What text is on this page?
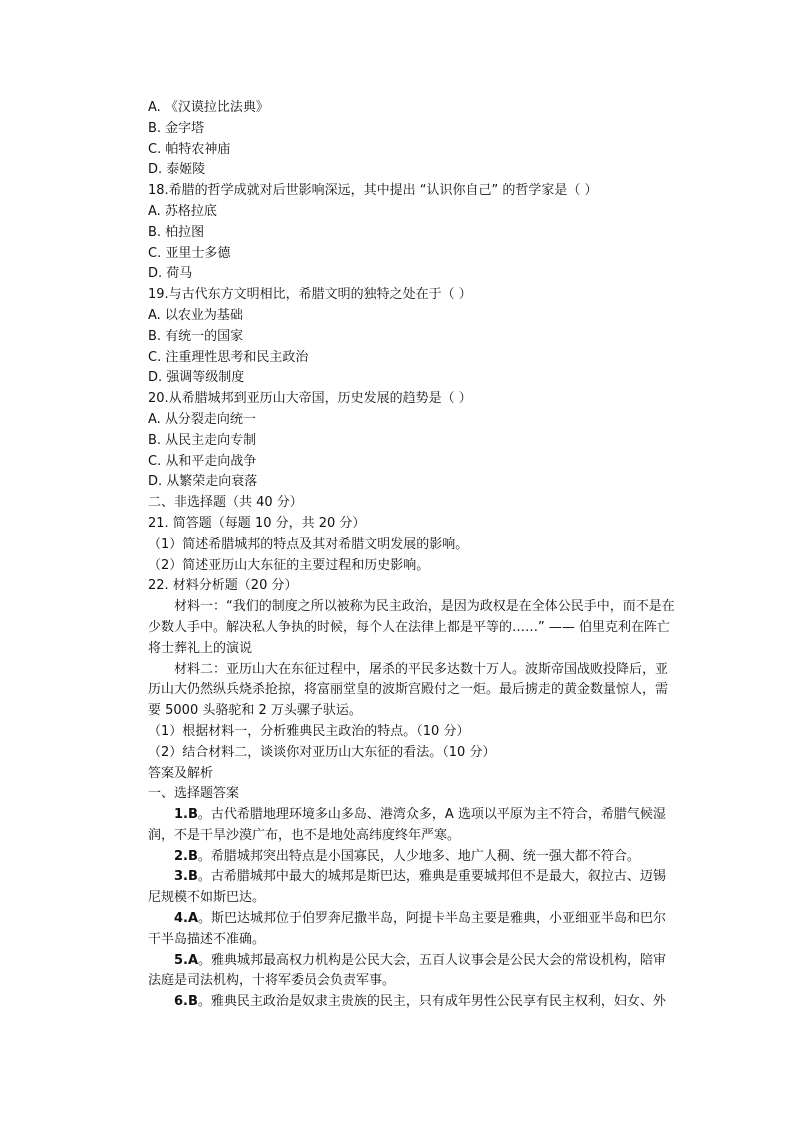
A. 《汉谟拉比法典》
B. 金字塔
C. 帕特农神庙
D. 泰姬陵
18.希腊的哲学成就对后世影响深远，其中提出 “认识你自己” 的哲学家是（ ）
A. 苏格拉底
B. 柏拉图
C. 亚里士多德
D. 荷马
19.与古代东方文明相比，希腊文明的独特之处在于（ ）
A. 以农业为基础
B. 有统一的国家
C. 注重理性思考和民主政治
D. 强调等级制度
20.从希腊城邦到亚历山大帝国，历史发展的趋势是（ ）
A. 从分裂走向统一
B. 从民主走向专制
C. 从和平走向战争
D. 从繁荣走向衰落
二、非选择题（共 40 分）
21. 简答题（每题 10 分，共 20 分）
（1）简述希腊城邦的特点及其对希腊文明发展的影响。
（2）简述亚历山大东征的主要过程和历史影响。
22. 材料分析题（20 分）
材料一：“我们的制度之所以被称为民主政治，是因为政权是在全体公民手中，而不是在少数人手中。解决私人争执的时候，每个人在法律上都是平等的……” —— 伯里克利在阵亡将士葬礼上的演说
材料二：亚历山大在东征过程中，屠杀的平民多达数十万人。波斯帝国战败投降后，亚历山大仍然纵兵烧杀抢掠，将富丽堂皇的波斯宫殿付之一炬。最后掳走的黄金数量惊人，需要 5000 头骆驼和 2 万头骡子驮运。
（1）根据材料一，分析雅典民主政治的特点。（10 分）
（2）结合材料二，谈谈你对亚历山大东征的看法。（10 分）
答案及解析
一、选择题答案
1.B。古代希腊地理环境多山多岛、港湾众多，A 选项以平原为主不符合，希腊气候湿润，不是干旱沙漠广布，也不是地处高纬度终年严寒。
2.B。希腊城邦突出特点是小国寡民，人少地多、地广人稠、统一强大都不符合。
3.B。古希腊城邦中最大的城邦是斯巴达，雅典是重要城邦但不是最大，叙拉古、迈锡尼规模不如斯巴达。
4.A。斯巴达城邦位于伯罗奔尼撒半岛，阿提卡半岛主要是雅典，小亚细亚半岛和巴尔干半岛描述不准确。
5.A。雅典城邦最高权力机构是公民大会，五百人议事会是公民大会的常设机构，陪审法庭是司法机构，十将军委员会负责军事。
6.B。雅典民主政治是奴隶主贵族的民主，只有成年男性公民享有民主权利，妇女、外
